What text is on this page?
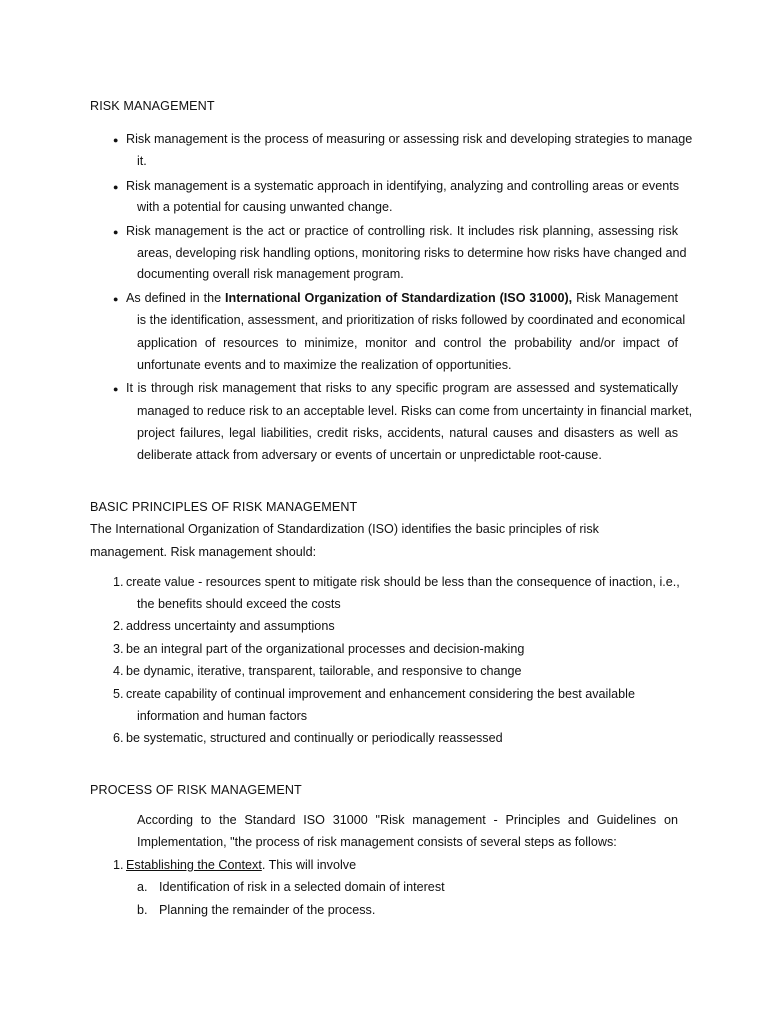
RISK MANAGEMENT
● Risk management is the process of measuring or assessing risk and developing strategies to manage
it.
● Risk management is a systematic approach in identifying, analyzing and controlling areas or events
with a potential for causing unwanted change.
● Risk management is the act or practice of controlling risk. It includes risk planning, assessing risk
areas, developing risk handling options, monitoring risks to determine how risks have changed and
documenting overall risk management program.
● As defined in the International Organization of Standardization (ISO 31000), Risk Management
is the identification, assessment, and prioritization of risks followed by coordinated and economical
application of resources to minimize, monitor and control the probability and/or impact of
unfortunate events and to maximize the realization of opportunities.
● It is through risk management that risks to any specific program are assessed and systematically
managed to reduce risk to an acceptable level. Risks can come from uncertainty in financial market,
project failures, legal liabilities, credit risks, accidents, natural causes and disasters as well as
deliberate attack from adversary or events of uncertain or unpredictable root-cause.
BASIC PRINCIPLES OF RISK MANAGEMENT
The International Organization of Standardization (ISO) identifies the basic principles of risk
management. Risk management should:
1. create value - resources spent to mitigate risk should be less than the consequence of inaction, i.e.,
the benefits should exceed the costs
2. address uncertainty and assumptions
3. be an integral part of the organizational processes and decision-making
4. be dynamic, iterative, transparent, tailorable, and responsive to change
5. create capability of continual improvement and enhancement considering the best available
information and human factors
6. be systematic, structured and continually or periodically reassessed
PROCESS OF RISK MANAGEMENT
According to the Standard ISO 31000 "Risk management - Principles and Guidelines on
Implementation, "the process of risk management consists of several steps as follows:
1. Establishing the Context. This will involve
a. Identification of risk in a selected domain of interest
b. Planning the remainder of the process.
